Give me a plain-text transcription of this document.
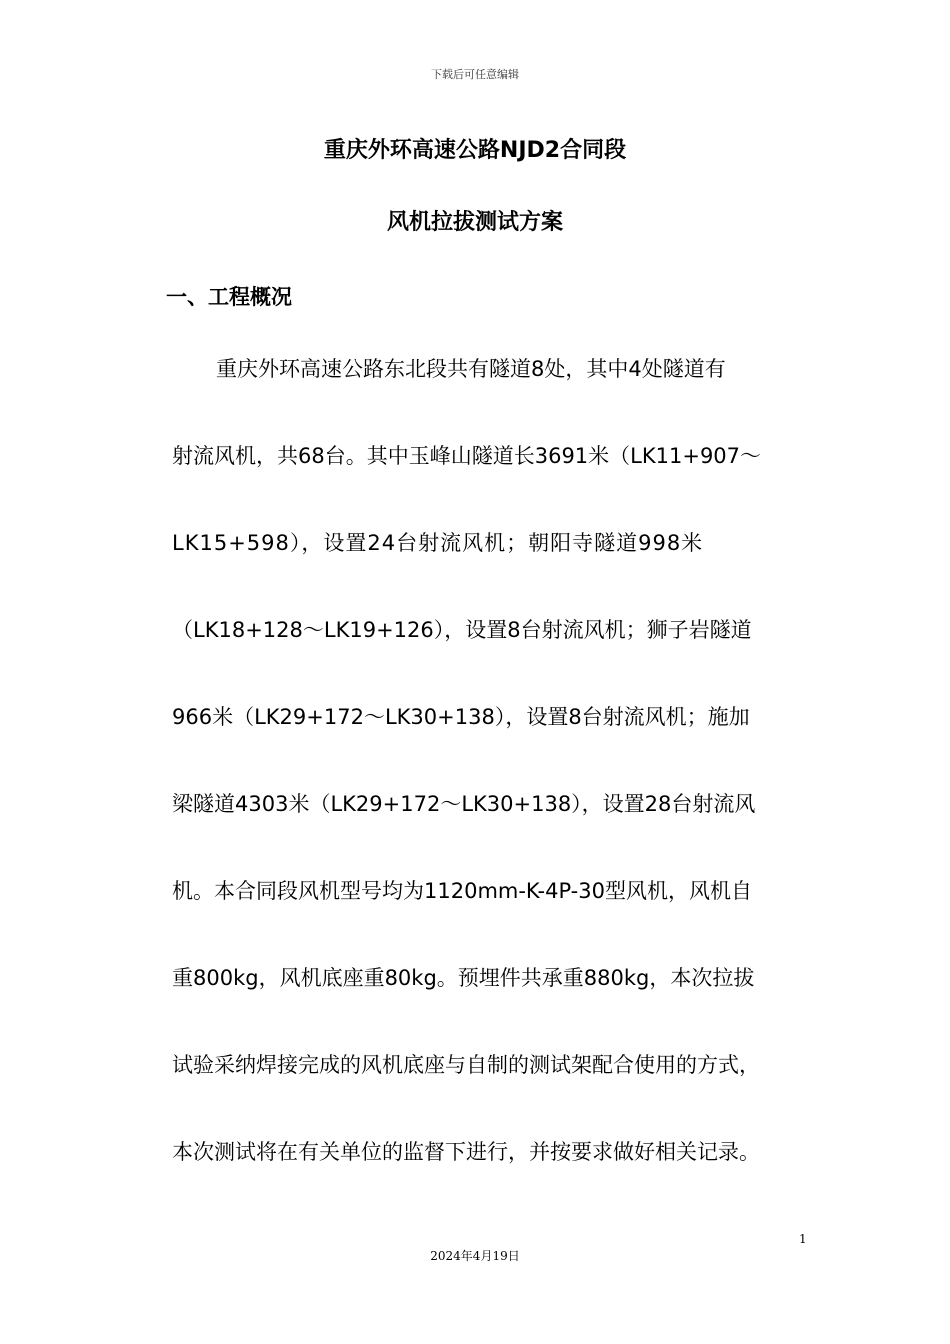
下载后可任意编辑
重庆外环高速公路NJD2合同段
风机拉拔测试方案
一、工程概况
重庆外环高速公路东北段共有隧道8处，其中4处隧道有
射流风机，共68台。其中玉峰山隧道长3691米（LK11+907～
LK15+598），设置24台射流风机；朝阳寺隧道998米
（LK18+128～LK19+126），设置8台射流风机；狮子岩隧道
966米（LK29+172～LK30+138），设置8台射流风机；施加
梁隧道4303米（LK29+172～LK30+138），设置28台射流风
机。本合同段风机型号均为1120mm-K-4P-30型风机，风机自
重800kg，风机底座重80kg。预埋件共承重880kg，本次拉拔
试验采纳焊接完成的风机底座与自制的测试架配合使用的方式，
本次测试将在有关单位的监督下进行，并按要求做好相关记录。
1
2024年4月19日
